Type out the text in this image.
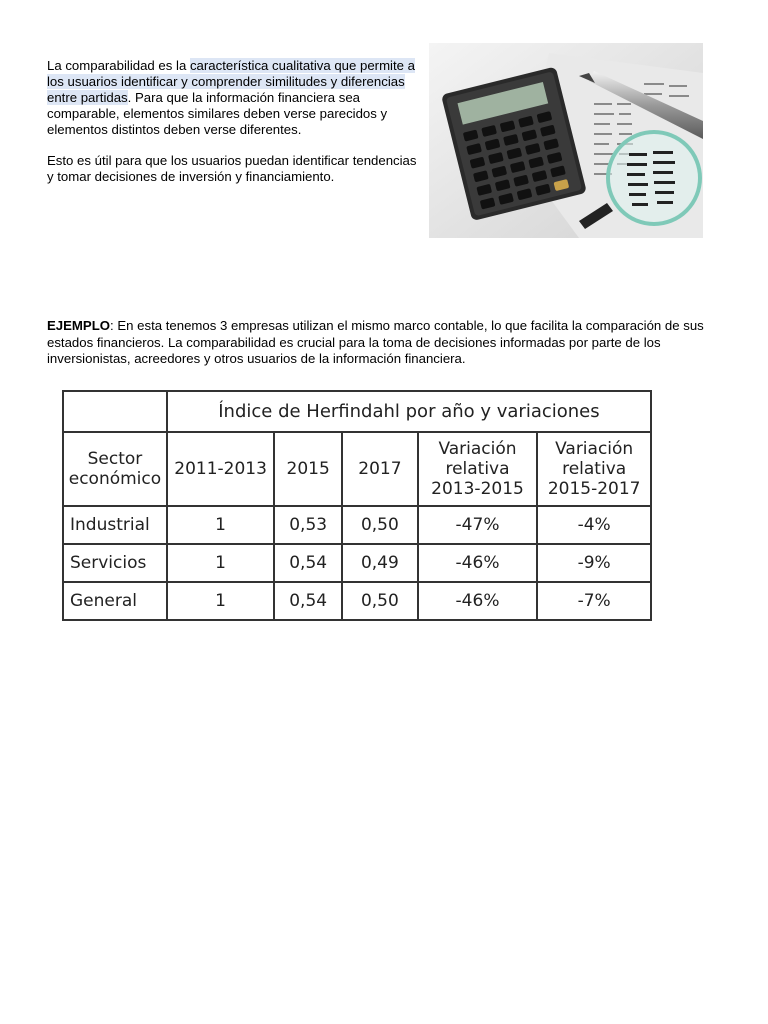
La comparabilidad es la característica cualitativa que permite a los usuarios identificar y comprender similitudes y diferencias entre partidas. Para que la información financiera sea comparable, elementos similares deben verse parecidos y elementos distintos deben verse diferentes.

Esto es útil para que los usuarios puedan identificar tendencias y tomar decisiones de inversión y financiamiento.

EJEMPLO: En esta tenemos 3 empresas utilizan el mismo marco contable, lo que facilita la comparación de sus estados financieros. La comparabilidad es crucial para la toma de decisiones informadas por parte de los inversionistas, acreedores y otros usuarios de la información financiera.

	Índice de Herfindahl por año y variaciones				
Sector económico	2011-2013	2015	2017	Variación relativa 2013-2015	Variación relativa 2015-2017
Industrial	1	0,53	0,50	-47%	-4%
Servicios	1	0,54	0,49	-46%	-9%
General	1	0,54	0,50	-46%	-7%
